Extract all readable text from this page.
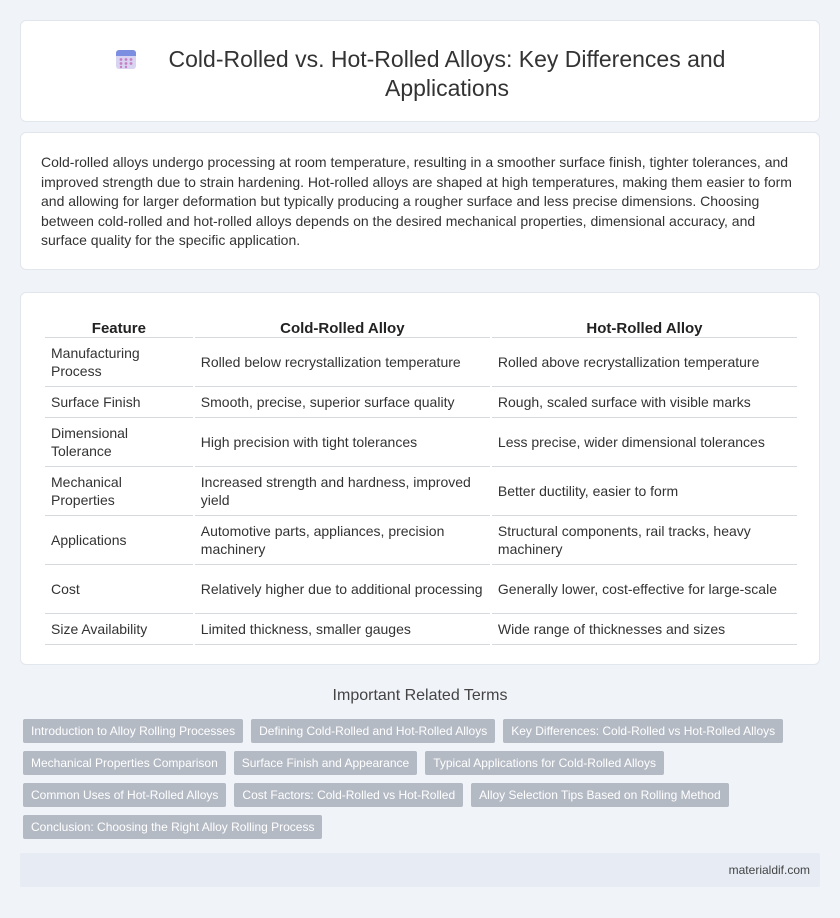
Cold-Rolled vs. Hot-Rolled Alloys: Key Differences and Applications

Cold-rolled alloys undergo processing at room temperature, resulting in a smoother surface finish, tighter tolerances, and improved strength due to strain hardening. Hot-rolled alloys are shaped at high temperatures, making them easier to form and allowing for larger deformation but typically producing a rougher surface and less precise dimensions. Choosing between cold-rolled and hot-rolled alloys depends on the desired mechanical properties, dimensional accuracy, and surface quality for the specific application.

Feature	Cold-Rolled Alloy	Hot-Rolled Alloy
Manufacturing Process	Rolled below recrystallization temperature	Rolled above recrystallization temperature
Surface Finish	Smooth, precise, superior surface quality	Rough, scaled surface with visible marks
Dimensional Tolerance	High precision with tight tolerances	Less precise, wider dimensional tolerances
Mechanical Properties	Increased strength and hardness, improved yield	Better ductility, easier to form
Applications	Automotive parts, appliances, precision machinery	Structural components, rail tracks, heavy machinery
Cost	Relatively higher due to additional processing	Generally lower, cost-effective for large-scale
Size Availability	Limited thickness, smaller gauges	Wide range of thicknesses and sizes
Important Related Terms
Introduction to Alloy Rolling Processes	Defining Cold-Rolled and Hot-Rolled Alloys	Key Differences: Cold-Rolled vs Hot-Rolled Alloys
Mechanical Properties Comparison	Surface Finish and Appearance	Typical Applications for Cold-Rolled Alloys
Common Uses of Hot-Rolled Alloys	Cost Factors: Cold-Rolled vs Hot-Rolled	Alloy Selection Tips Based on Rolling Method
Conclusion: Choosing the Right Alloy Rolling Process
materialdif.com
